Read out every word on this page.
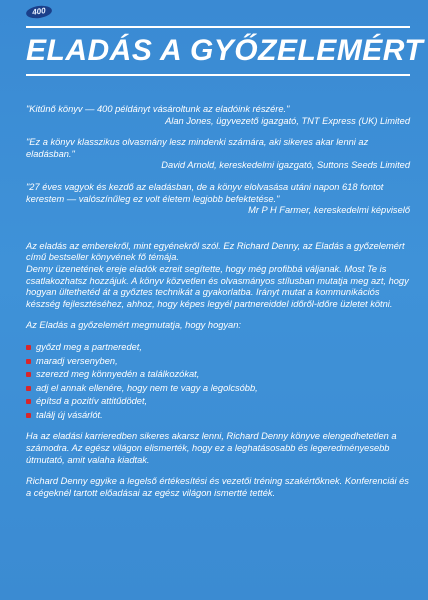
400
ELADÁS A GYŐZELEMÉRT
"Kitűnő könyv — 400 példányt vásároltunk az eladóink részére."
Alan Jones, ügyvezető igazgató, TNT Express (UK) Limited
"Ez a könyv klasszikus olvasmány lesz mindenki számára, aki sikeres akar lenni az eladásban."
David Arnold, kereskedelmi igazgató, Suttons Seeds Limited
"27 éves vagyok és kezdő az eladásban, de a könyv elolvasása utáni napon 618 fontot kerestem — valószínűleg ez volt életem legjobb befektetése."
Mr P H Farmer, kereskedelmi képviselő

Az eladás az emberekről, mint egyénekről szól. Ez Richard Denny, az Eladás a győzelemért című bestseller könyvének fő témája.

Denny üzenetének ereje eladók ezreit segítette, hogy még profibbá váljanak. Most Te is csatlakozhatsz hozzájuk. A könyv közvetlen és olvasmányos stílusban mutatja meg azt, hogy hogyan ültethetéd át a győztes technikát a gyakorlatba. Irányt mutat a kommunikációs készség fejlesztéséhez, ahhoz, hogy képes legyél partnereiddel időről-időre üzletet kötni.

Az Eladás a győzelemért megmutatja, hogy hogyan:

győzd meg a partneredet,
maradj versenyben,
szerezd meg könnyedén a találkozókat,
adj el annak ellenére, hogy nem te vagy a legolcsóbb,
építsd a pozitív attitűdödet,
találj új vásárlót.

Ha az eladási karrieredben sikeres akarsz lenni, Richard Denny könyve elengedhetetlen a számodra. Az egész világon elismerték, hogy ez a leghatásosabb és legeredményesebb útmutató, amit valaha kiadtak.

Richard Denny egyike a legelső értékesítési és vezetői tréning szakértőknek. Konferenciái és a cégeknél tartott előadásai az egész világon ismertté tették.
